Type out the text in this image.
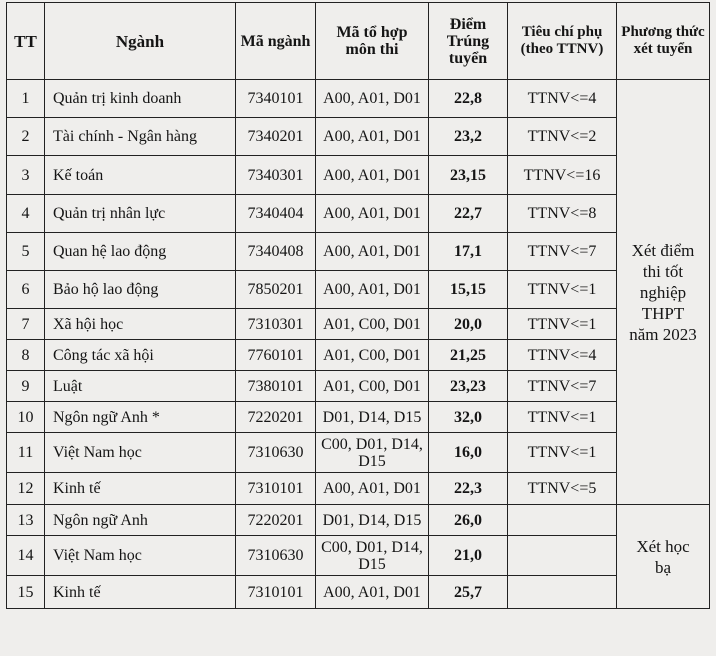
TT	Ngành	Mã ngành	Mã tổ hợp môn thi	Điểm Trúng tuyển	Tiêu chí phụ (theo TTNV)	Phương thức xét tuyển
1	Quản trị kinh doanh	7340101	A00, A01, D01	22,8	TTNV<=4	Xét điểm thi tốt nghiệp THPT năm 2023
2	Tài chính - Ngân hàng	7340201	A00, A01, D01	23,2	TTNV<=2	
3	Kế toán	7340301	A00, A01, D01	23,15	TTNV<=16	
4	Quản trị nhân lực	7340404	A00, A01, D01	22,7	TTNV<=8	
5	Quan hệ lao động	7340408	A00, A01, D01	17,1	TTNV<=7	
6	Bảo hộ lao động	7850201	A00, A01, D01	15,15	TTNV<=1	
7	Xã hội học	7310301	A01, C00, D01	20,0	TTNV<=1	
8	Công tác xã hội	7760101	A01, C00, D01	21,25	TTNV<=4	
9	Luật	7380101	A01, C00, D01	23,23	TTNV<=7	
10	Ngôn ngữ Anh *	7220201	D01, D14, D15	32,0	TTNV<=1	
11	Việt Nam học	7310630	C00, D01, D14, D15	16,0	TTNV<=1	
12	Kinh tế	7310101	A00, A01, D01	22,3	TTNV<=5	
13	Ngôn ngữ Anh	7220201	D01, D14, D15	26,0		Xét học bạ
14	Việt Nam học	7310630	C00, D01, D14, D15	21,0		
15	Kinh tế	7310101	A00, A01, D01	25,7		
